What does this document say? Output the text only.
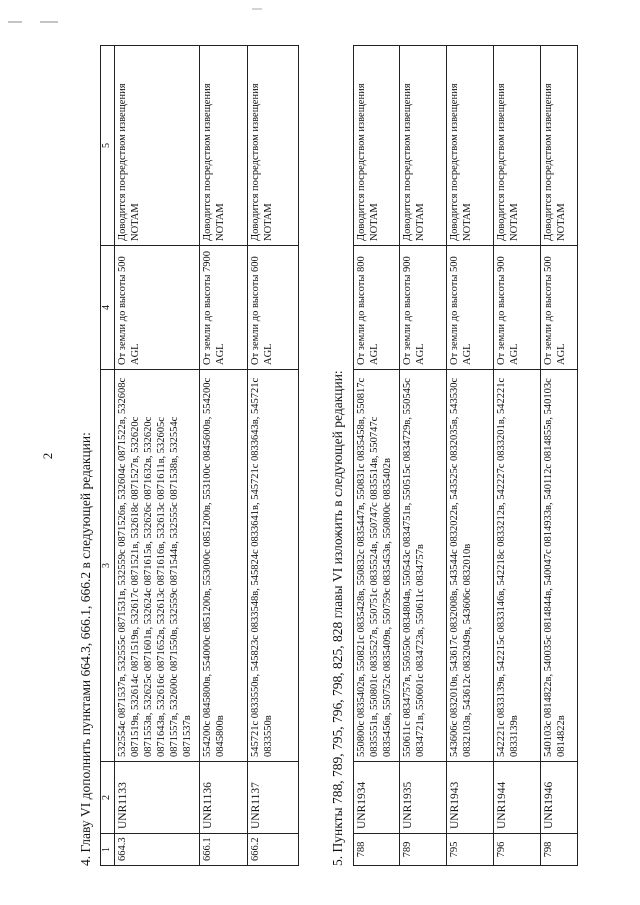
2 4. Главу VI дополнить пунктами 664.3, 666.1, 666.2 в следующей редакции: 1	2	3	4	5
664.3	UNR1133	532554с 0871537в, 532555с 0871531в, 532559с 0871526в, 532604с 0871522в, 532608с 0871519в, 532614с 0871519в, 532617с 0871521в, 532618с 0871527в, 532620с 0871553в, 532625с 0871601в, 532624с 0871615в, 532626с 0871632в, 532620с 0871643в, 532616с 0871652в, 532613с 0871616в, 532613с 0871611в, 532605с 0871557в, 532600с 0871550в, 532559с 0871544в, 532555с 0871538в, 532554с 0871537в	От земли до высоты 500 AGL	Доводится посредством извещения NOTAM
666.1	UNR1136	554200с 0845800в, 554000с 0851200в, 553000с 0851200в, 553100с 0845600в, 554200с 0845800в	От земли до высоты 7900 AGL	Доводится посредством извещения NOTAM
666.2	UNR1137	545721с 0833550в, 545823с 0833548в, 545824с 0833641в, 545721с 0833643в, 545721с 0833550в	От земли до высоты 600 AGL	Доводится посредством извещения NOTAM
5. Пункты 788, 789, 795, 796, 798, 825, 828 главы VI изложить в следующей редакции: 788	UNR1934	550800с 0835402в, 550821с 0835428в, 550832с 0835447в, 550831с 0835458в, 550817с 0835551в, 550801с 0835527в, 550751с 0835524в, 550747с 0835514в, 550747с 0835456в, 550752с 0835409в, 550759с 0835453в, 550800с 0835402в	От земли до высоты 800 AGL	Доводится посредством извещения NOTAM
789	UNR1935	550611с 0834757в, 550550с 0834804в, 550543с 0834751в, 550515с 0834729в, 550545с 0834721в, 550601с 0834723в, 550611с 0834757в	От земли до высоты 900 AGL	Доводится посредством извещения NOTAM
795	UNR1943	543606с 0832010в, 543617с 0832008в, 543544с 0832022в, 543525с 0832035в, 543530с 0832103в, 543612с 0832049в, 543606с 0832010в	От земли до высоты 500 AGL	Доводится посредством извещения NOTAM
796	UNR1944	542221с 0833139в, 542215с 0833146в, 542218с 0833212в, 542227с 0833201в, 542221с 0833139в	От земли до высоты 900 AGL	Доводится посредством извещения NOTAM
798	UNR1946	540103с 0814822в, 540035с 0814844в, 540047с 0814933в, 540112с 0814855в, 540103с 0814822в	От земли до высоты 500 AGL	Доводится посредством извещения NOTAM
